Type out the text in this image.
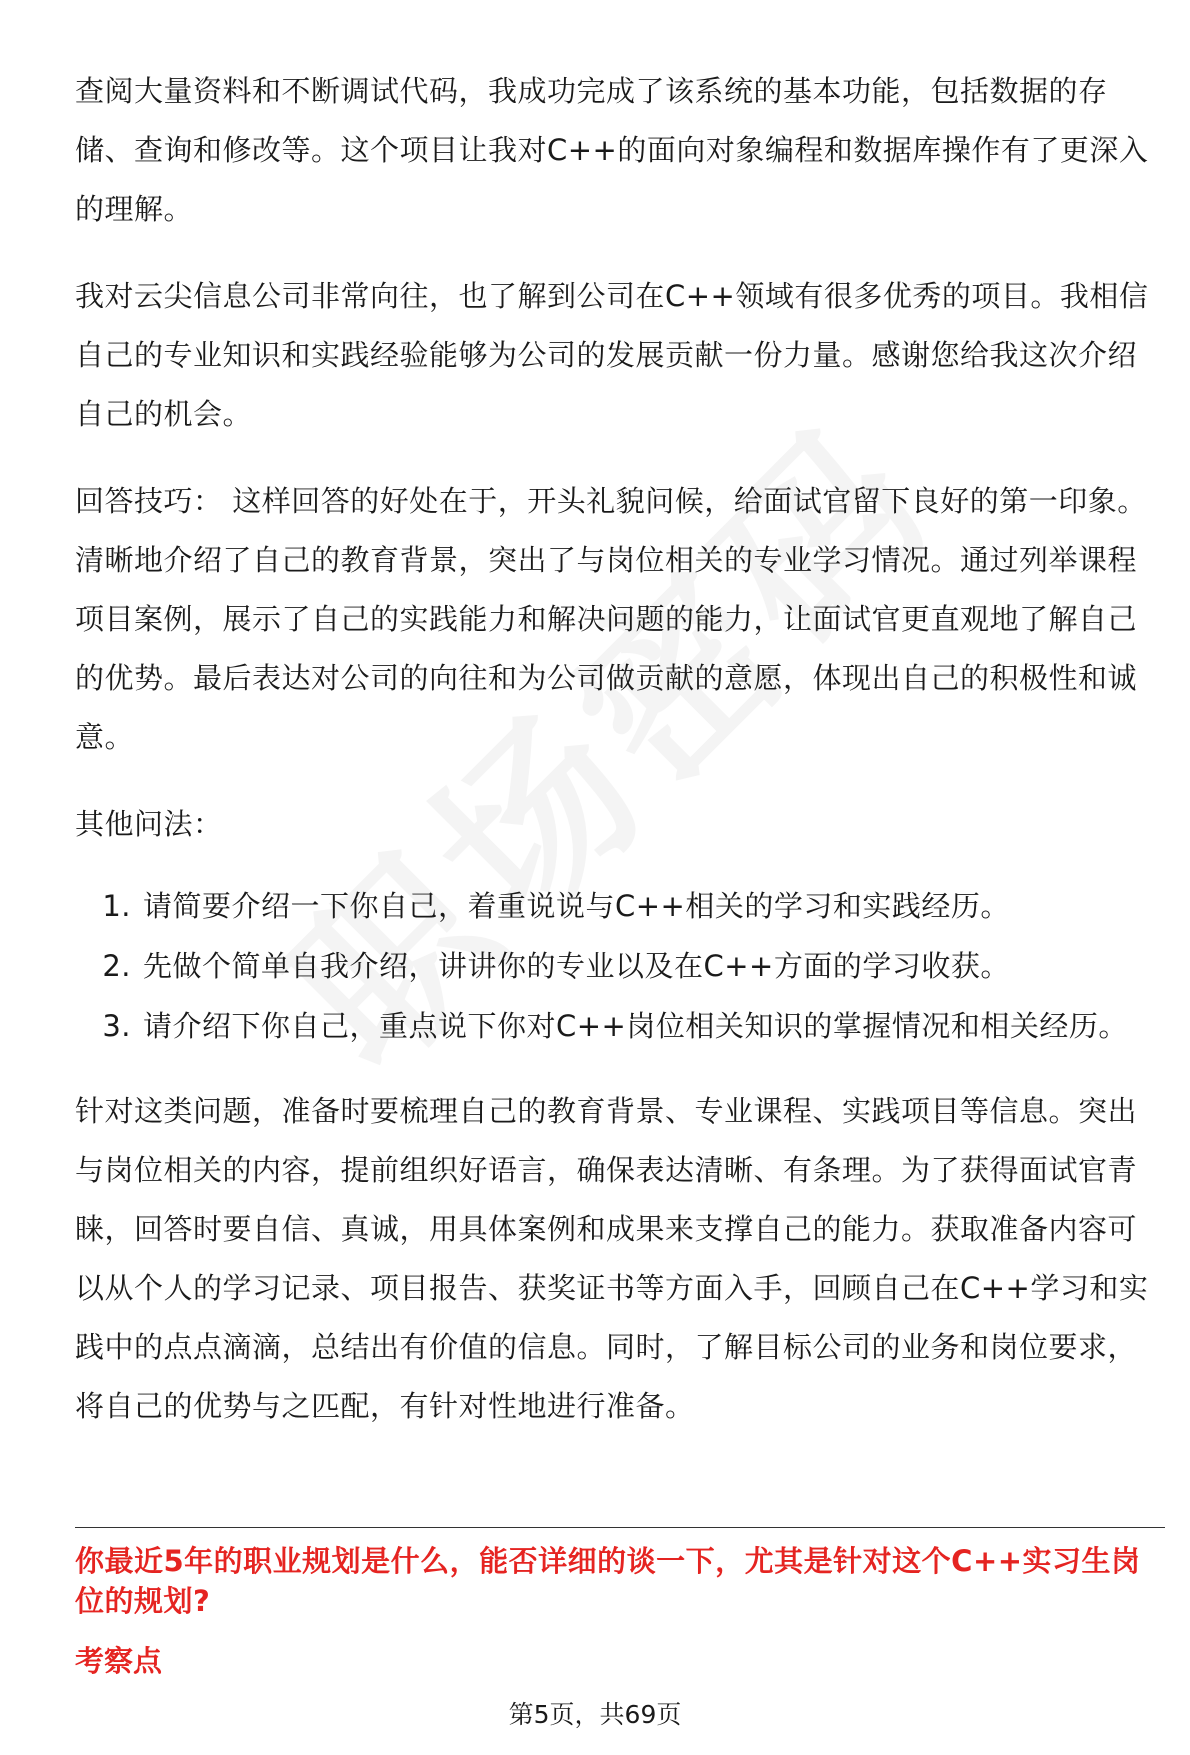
查阅大量资料和不断调试代码，我成功完成了该系统的基本功能，包括数据的存储、查询和修改等。这个项目让我对C++的面向对象编程和数据库操作有了更深入的理解。

我对云尖信息公司非常向往，也了解到公司在C++领域有很多优秀的项目。我相信自己的专业知识和实践经验能够为公司的发展贡献一份力量。感谢您给我这次介绍自己的机会。

回答技巧： 这样回答的好处在于，开头礼貌问候，给面试官留下良好的第一印象。清晰地介绍了自己的教育背景，突出了与岗位相关的专业学习情况。通过列举课程项目案例，展示了自己的实践能力和解决问题的能力，让面试官更直观地了解自己的优势。最后表达对公司的向往和为公司做贡献的意愿，体现出自己的积极性和诚意。

其他问法：

1. 请简要介绍一下你自己，着重说说与C++相关的学习和实践经历。
2. 先做个简单自我介绍，讲讲你的专业以及在C++方面的学习收获。
3. 请介绍下你自己，重点说下你对C++岗位相关知识的掌握情况和相关经历。

针对这类问题，准备时要梳理自己的教育背景、专业课程、实践项目等信息。突出与岗位相关的内容，提前组织好语言，确保表达清晰、有条理。为了获得面试官青睐，回答时要自信、真诚，用具体案例和成果来支撑自己的能力。获取准备内容可以从个人的学习记录、项目报告、获奖证书等方面入手，回顾自己在C++学习和实践中的点点滴滴，总结出有价值的信息。同时，了解目标公司的业务和岗位要求，将自己的优势与之匹配，有针对性地进行准备。

你最近5年的职业规划是什么，能否详细的谈一下，尤其是针对这个C++实习生岗位的规划?
考察点
第5页，共69页
